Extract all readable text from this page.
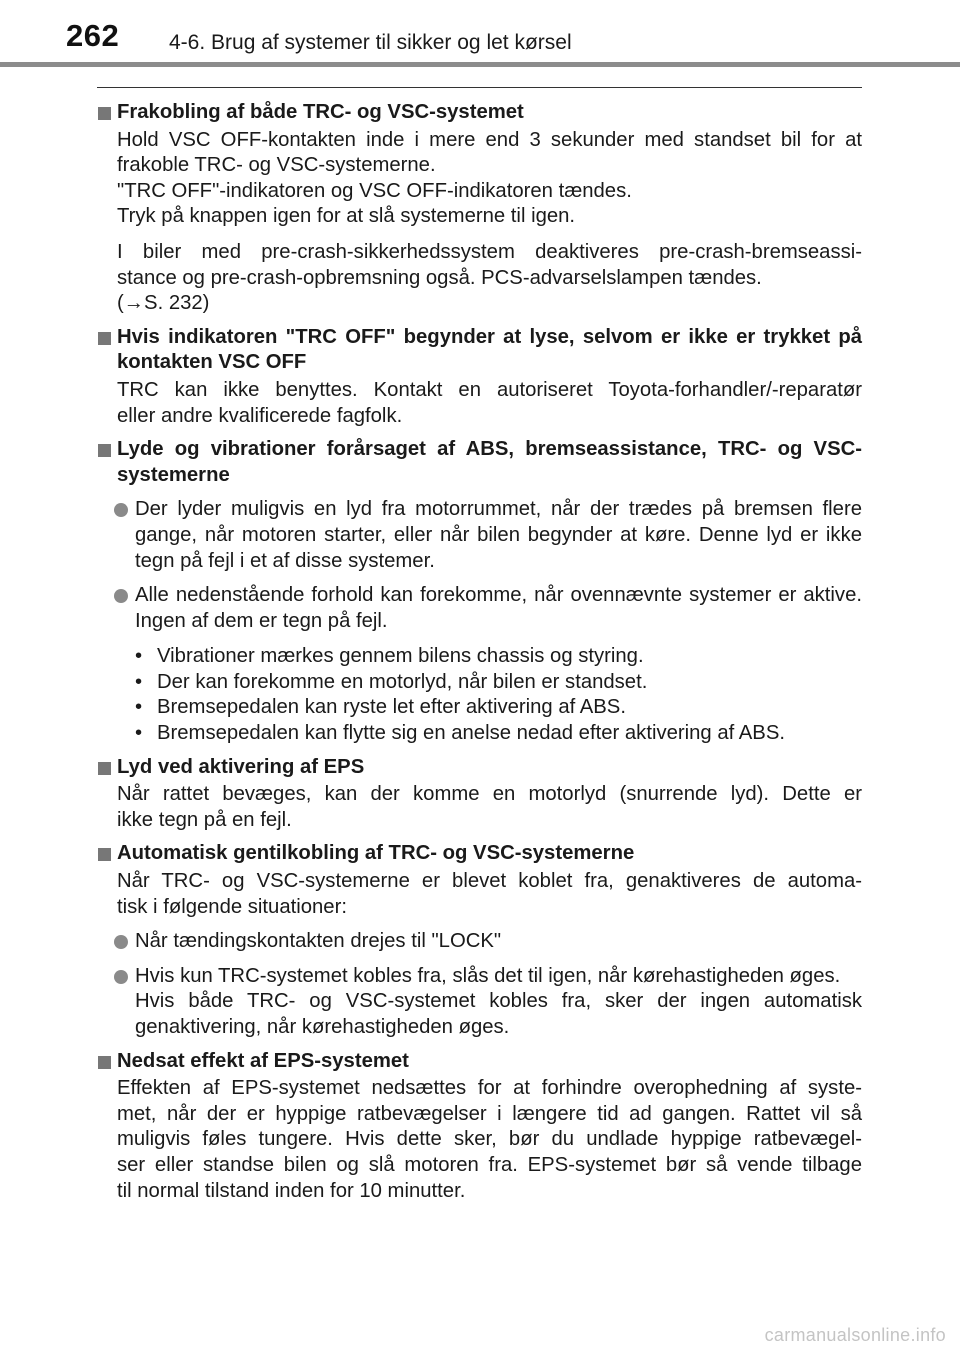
262 4-6. Brug af systemer til sikker og let kørsel
Frakobling af både TRC- og VSC-systemet
Hold VSC OFF-kontakten inde i mere end 3 sekunder med standset bil for at
frakoble TRC- og VSC-systemerne.
"TRC OFF"-indikatoren og VSC OFF-indikatoren tændes.
Tryk på knappen igen for at slå systemerne til igen.
I biler med pre-crash-sikkerhedssystem deaktiveres pre-crash-bremseassi-
stance og pre-crash-opbremsning også. PCS-advarselslampen tændes.
(→S. 232)
Hvis indikatoren "TRC OFF" begynder at lyse, selvom er ikke er trykket på kontakten VSC OFF
TRC kan ikke benyttes. Kontakt en autoriseret Toyota-forhandler/-reparatør
eller andre kvalificerede fagfolk.
Lyde og vibrationer forårsaget af ABS, bremseassistance, TRC- og VSC-systemerne
Der lyder muligvis en lyd fra motorrummet, når der trædes på bremsen flere gange, når motoren starter, eller når bilen begynder at køre. Denne lyd er ikke tegn på fejl i et af disse systemer.
Alle nedenstående forhold kan forekomme, når ovennævnte systemer er aktive. Ingen af dem er tegn på fejl.
• Vibrationer mærkes gennem bilens chassis og styring.
• Der kan forekomme en motorlyd, når bilen er standset.
• Bremsepedalen kan ryste let efter aktivering af ABS.
• Bremsepedalen kan flytte sig en anelse nedad efter aktivering af ABS.
Lyd ved aktivering af EPS
Når rattet bevæges, kan der komme en motorlyd (snurrende lyd). Dette er
ikke tegn på en fejl.
Automatisk gentilkobling af TRC- og VSC-systemerne
Når TRC- og VSC-systemerne er blevet koblet fra, genaktiveres de automa-
tisk i følgende situationer:
Når tændingskontakten drejes til "LOCK"
Hvis kun TRC-systemet kobles fra, slås det til igen, når kørehastigheden øges.
Hvis både TRC- og VSC-systemet kobles fra, sker der ingen automatisk genaktivering, når kørehastigheden øges.
Nedsat effekt af EPS-systemet
Effekten af EPS-systemet nedsættes for at forhindre overophedning af syste-
met, når der er hyppige ratbevægelser i længere tid ad gangen. Rattet vil så
muligvis føles tungere. Hvis dette sker, bør du undlade hyppige ratbevægel-
ser eller standse bilen og slå motoren fra. EPS-systemet bør så vende tilbage
til normal tilstand inden for 10 minutter.
carmanualsonline.info
